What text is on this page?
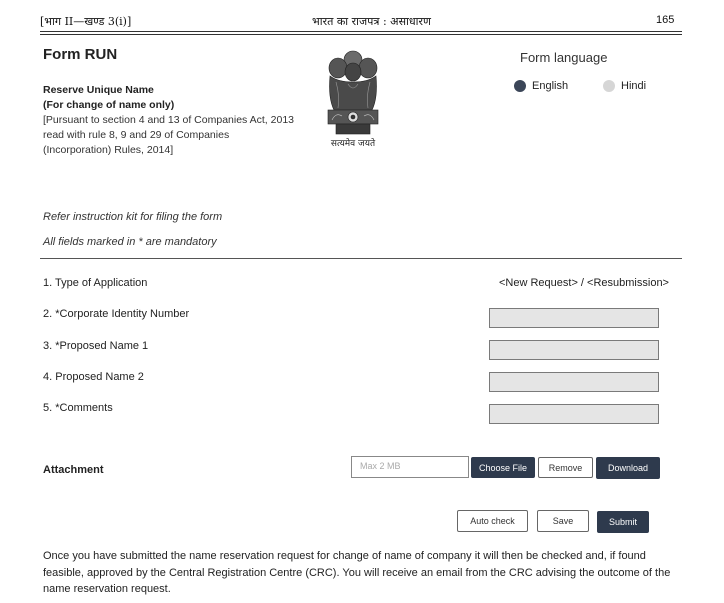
[भाग II—खण्ड 3(i)]	भारत का राजपत्र : असाधारण	165
Form RUN
Reserve Unique Name
(For change of name only)
[Pursuant to section 4 and 13 of Companies Act, 2013
read with rule 8, 9 and 29 of Companies
(Incorporation) Rules, 2014]	सत्यमेव जयते
Form language
English	Hindi
Refer instruction kit for filing the form
All fields marked in * are mandatory
1. Type of Application	<New Request> / <Resubmission>
2. *Corporate Identity Number
3. *Proposed Name 1
4. Proposed Name 2
5. *Comments
Attachment	Max 2 MB	Choose File	Remove	Download
Auto check	Save	Submit
Once you have submitted the name reservation request for change of name of company it will then be checked and, if found feasible, approved by the Central Registration Centre (CRC). You will receive an email from the CRC advising the outcome of the name reservation request.
